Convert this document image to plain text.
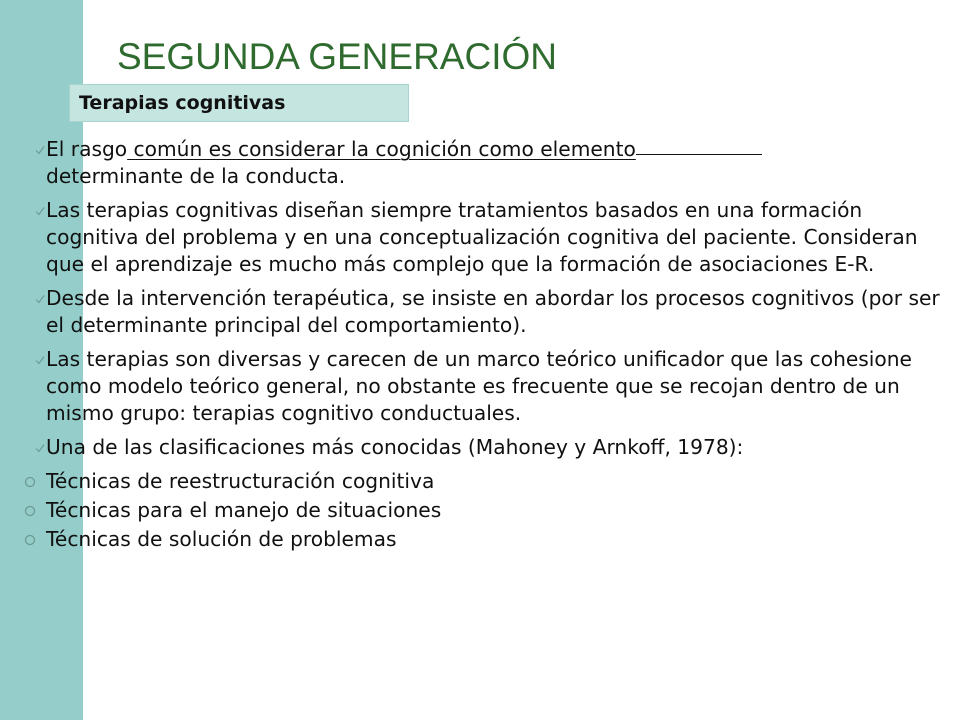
SEGUNDA GENERACIÓN
Terapias cognitivas
El rasgo común es considerar la cognición como elemento
determinante de la conducta.
Las terapias cognitivas diseñan siempre tratamientos basados en una formación cognitiva del problema y en una conceptualización cognitiva del paciente. Consideran que el aprendizaje es mucho más complejo que la formación de asociaciones E-R.
Desde la intervención terapéutica, se insiste en abordar los procesos cognitivos (por ser el determinante principal del comportamiento).
Las terapias son diversas y carecen de un marco teórico unificador que las cohesione como modelo teórico general, no obstante es frecuente que se recojan dentro de un mismo grupo: terapias cognitivo conductuales.
Una de las clasificaciones más conocidas (Mahoney y Arnkoff, 1978):
Técnicas de reestructuración cognitiva
Técnicas para el manejo de situaciones
Técnicas de solución de problemas
